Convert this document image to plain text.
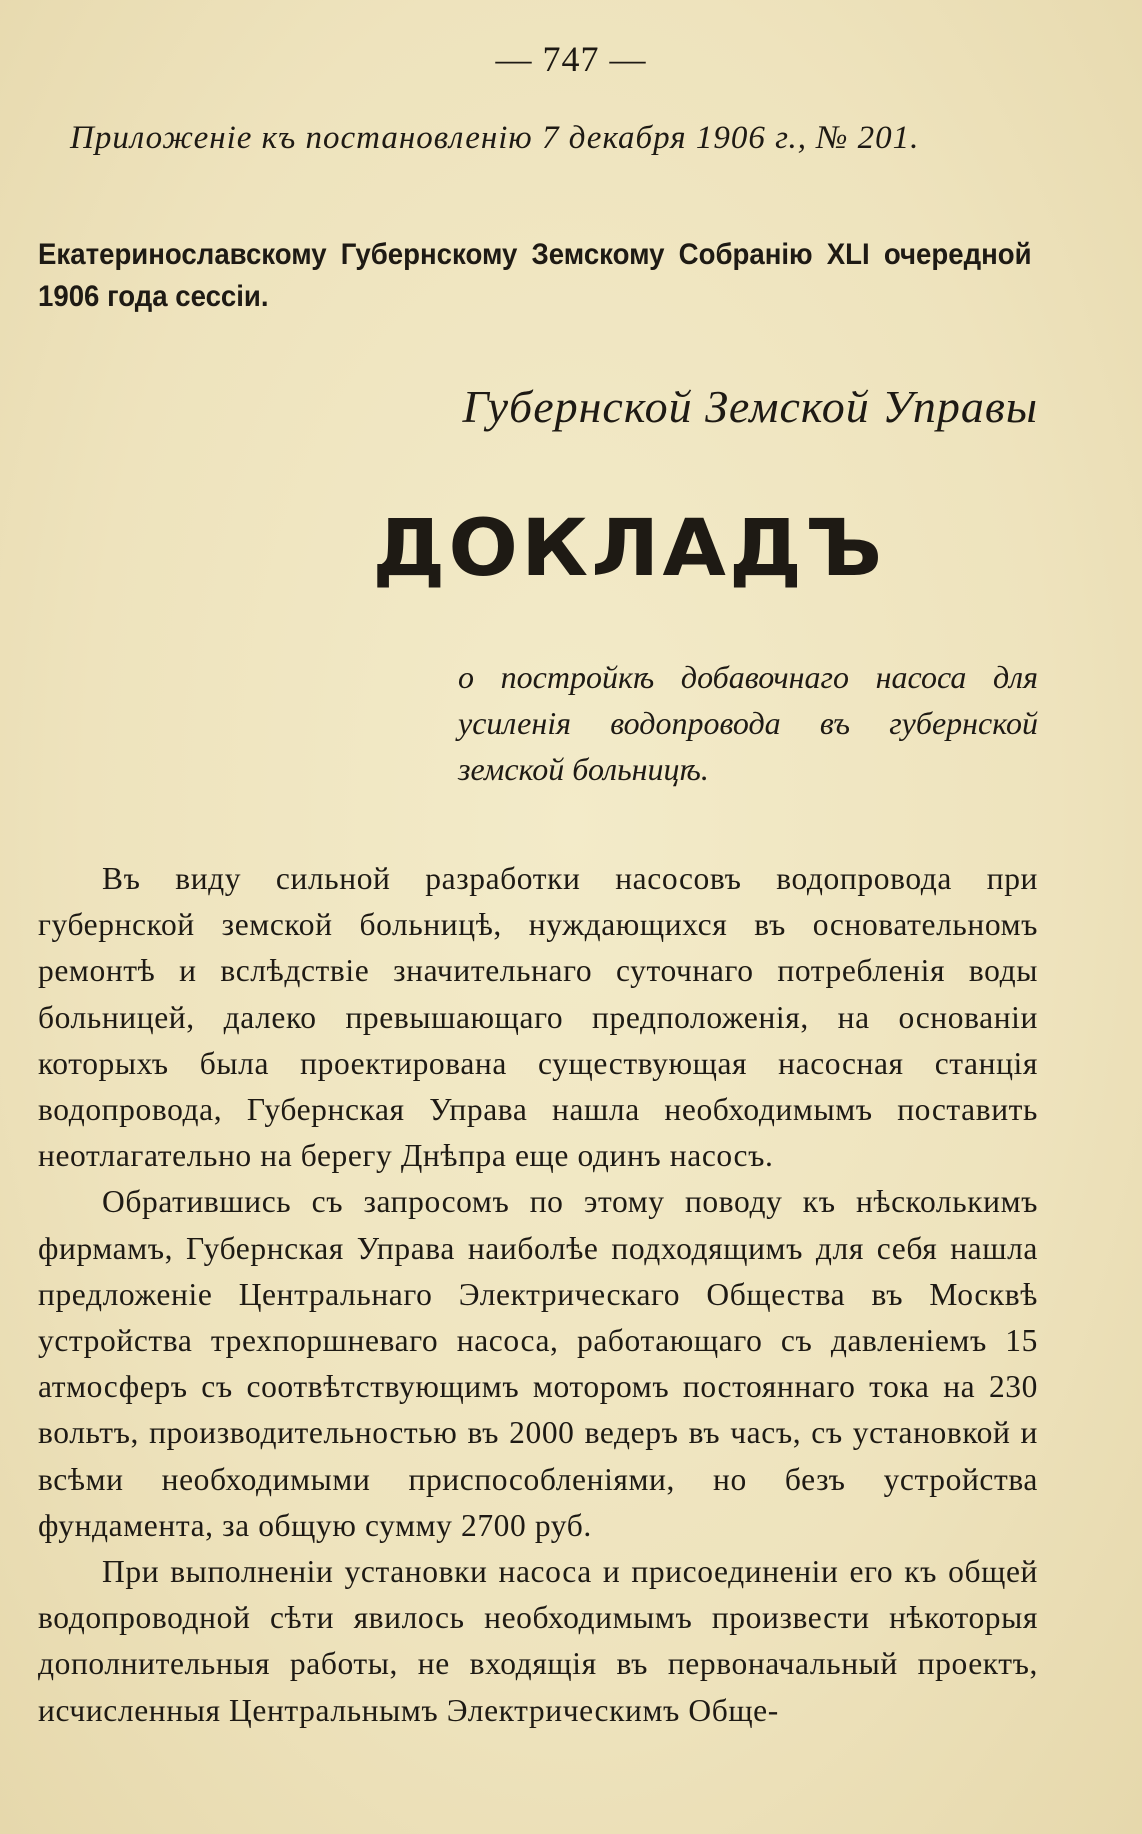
— 747 —
Приложеніе къ постановленію 7 декабря 1906 г., № 201.
Екатеринославскому Губернскому Земскому Собранію XLI очередной 1906 года сессіи.
Губернской Земской Управы
ДОКЛАДЪ
о постройкѣ добавочнаго насоса для усиленія водопровода въ губернской земской больницѣ.

Въ виду сильной разработки насосовъ водопровода при губернской земской больницѣ, нуждающихся въ основательномъ ремонтѣ и вслѣдствіе значительнаго суточнаго потребленія воды больницей, далеко превышающаго предположенія, на основаніи которыхъ была проектирована существующая насосная станція водопровода, Губернская Управа нашла необходимымъ поставить неотлагательно на берегу Днѣпра еще одинъ насосъ.

Обратившись съ запросомъ по этому поводу къ нѣсколькимъ фирмамъ, Губернская Управа наиболѣе подходящимъ для себя нашла предложеніе Центральнаго Электрическаго Общества въ Москвѣ устройства трехпоршневаго насоса, работающаго съ давленіемъ 15 атмосферъ съ соотвѣтствующимъ моторомъ постояннаго тока на 230 вольтъ, производительностью въ 2000 ведеръ въ часъ, съ установкой и всѣми необходимыми приспособленіями, но безъ устройства фундамента, за общую сумму 2700 руб.

При выполненіи установки насоса и присоединеніи его къ общей водопроводной сѣти явилось необходимымъ произвести нѣкоторыя дополнительныя работы, не входящія въ первоначальный проектъ, исчисленныя Центральнымъ Электрическимъ Обще-
